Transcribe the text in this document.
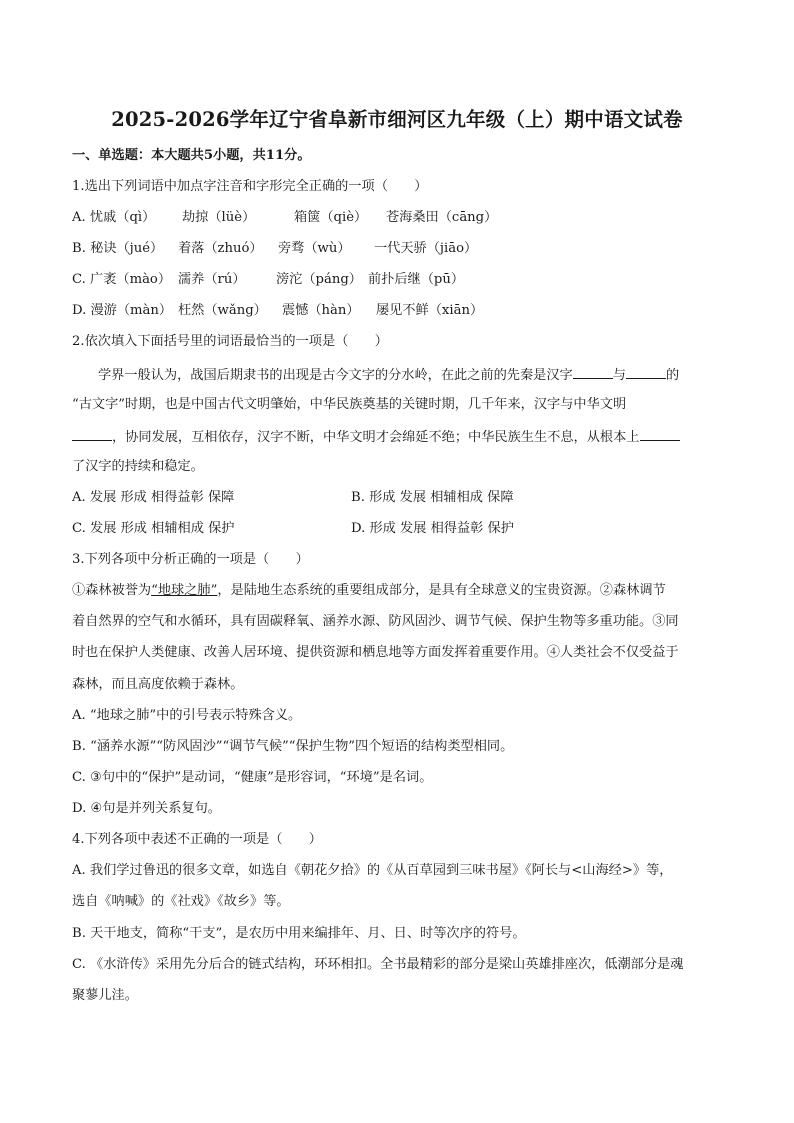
2025-2026学年辽宁省阜新市细河区九年级（上）期中语文试卷
一、单选题：本大题共5小题，共11分。
1.选出下列词语中加点字注音和字形完全正确的一项（　　）
A. 忧戚（qì） 劫掠（lüè）	箱箧（qiè） 苍海桑田（cāng）
B. 秘诀（jué） 着落（zhuó） 旁骛（wù） 一代天骄（jiāo）
C. 广袤（mào） 濡养（rú） 滂沱（páng） 前扑后继（pū）
D. 漫游（màn） 枉然（wǎng） 震憾（hàn） 屡见不鲜（xiān）
2.依次填入下面括号里的词语最恰当的一项是（　　）
学界一般认为，战国后期隶书的出现是古今文字的分水岭，在此之前的先秦是汉字	与	的
“古文字”时期，也是中国古代文明肇始，中华民族奠基的关键时期，几千年来，汉字与中华文明
，协同发展，互相依存，汉字不断，中华文明才会绵延不绝；中华民族生生不息，从根本上
了汉字的持续和稳定。
A. 发展 形成 相得益彰 保障	B. 形成 发展 相辅相成 保障
C. 发展 形成 相辅相成 保护	D. 形成 发展 相得益彰 保护
3.下列各项中分析正确的一项是（　　）
①森林被誉为“地球之肺”，是陆地生态系统的重要组成部分，是具有全球意义的宝贵资源。②森林调节
着自然界的空气和水循环，具有固碳释氧、涵养水源、防风固沙、调节气候、保护生物等多重功能。③同
时也在保护人类健康、改善人居环境、提供资源和栖息地等方面发挥着重要作用。④人类社会不仅受益于
森林，而且高度依赖于森林。
A. “地球之肺”中的引号表示特殊含义。
B. “涵养水源”“防风固沙”“调节气候”“保护生物”四个短语的结构类型相同。
C. ③句中的“保护”是动词，“健康”是形容词，“环境”是名词。
D. ④句是并列关系复句。
4.下列各项中表述不正确的一项是（　　）
A. 我们学过鲁迅的很多文章，如选自《朝花夕拾》的《从百草园到三味书屋》《阿长与<山海经>》等，
选自《呐喊》的《社戏》《故乡》等。
B. 天干地支，简称“干支”，是农历中用来编排年、月、日、时等次序的符号。
C. 《水浒传》采用先分后合的链式结构，环环相扣。全书最精彩的部分是梁山英雄排座次，低潮部分是魂
聚蓼儿洼。
